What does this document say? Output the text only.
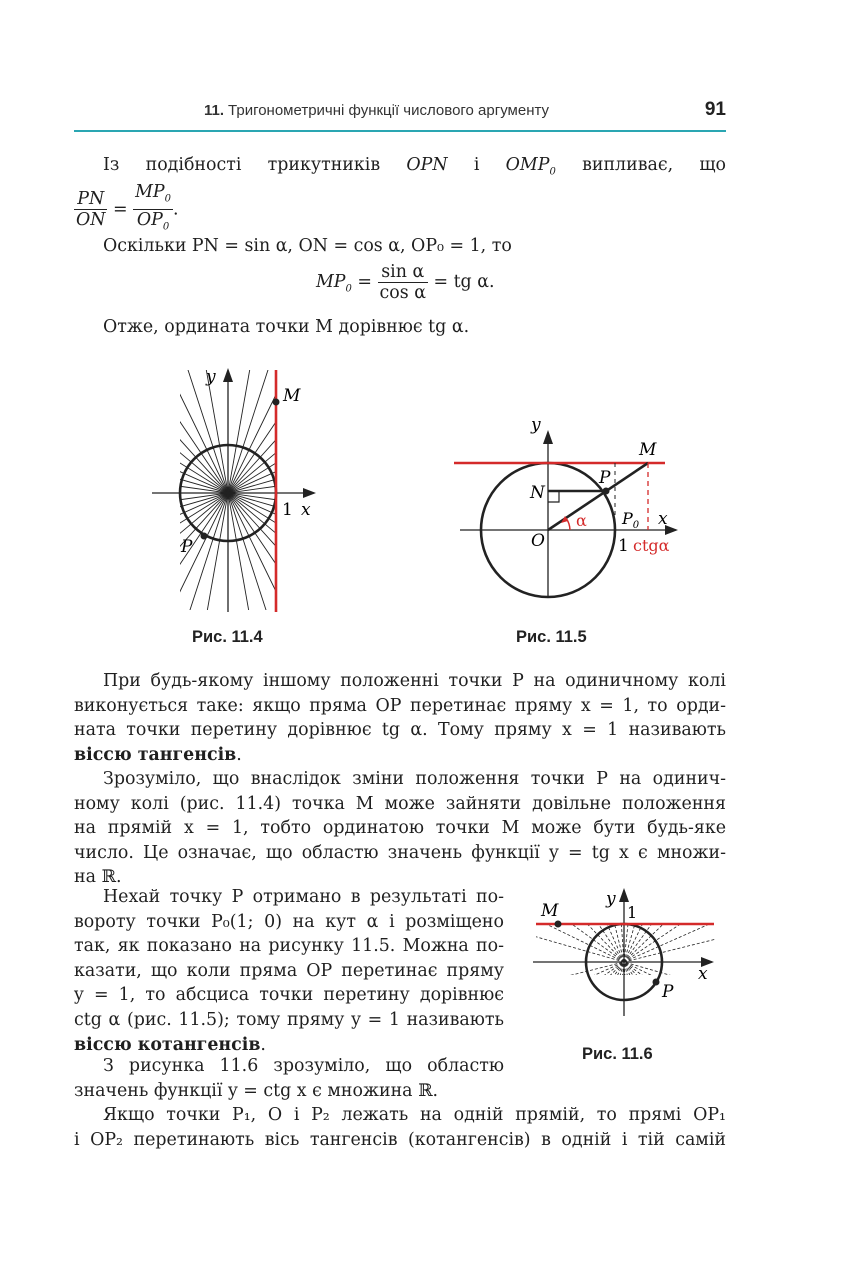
11. Тригонометричні функції числового аргументу	91
Із подібності трикутників OPN і $OMP_0$ випливає, що
$\frac{PN}{ON} = \frac{MP_0}{OP_0}$ .
Оскільки PN = sin α, ON = cos α, OP₀ = 1, то
$MP_0 = \frac{\text{sin α}}{\text{cos α}}$ = tg α.
Отже, ордината точки M дорівнює tg α.
y
M
1 x
P
Рис. 11.4
y
M
P
N
O
α $P_0$ x
1 ctgα
Рис. 11.5
При будь-якому іншому положенні точки P на одиничному колі
виконується таке: якщо пряма OP перетинає пряму x = 1, то орди-
ната точки перетину дорівнює tg α. Тому пряму x = 1 називають
віссю тангенсів.
Зрозуміло, що внаслідок зміни положення точки P на одинич-
ному колі (рис. 11.4) точка M може зайняти довільне положення
на прямій x = 1, тобто ординатою точки M може бути будь-яке
число. Це означає, що областю значень функції y = tg x є множи-
на ℝ.
Нехай точку P отримано в результаті по-
вороту точки P₀(1; 0) на кут α і розміщено
так, як показано на рисунку 11.5. Можна по-
казати, що коли пряма OP перетинає пряму
y = 1, то абсциса точки перетину дорівнює
ctg α (рис. 11.5); тому пряму y = 1 називають
віссю котангенсів.
З рисунка 11.6 зрозуміло, що областю
значень функції y = ctg x є множина ℝ.
y
1
M
x
P
Рис. 11.6
Якщо точки P₁, O і P₂ лежать на одній прямій, то прямі OP₁
і OP₂ перетинають вісь тангенсів (котангенсів) в одній і тій самій
